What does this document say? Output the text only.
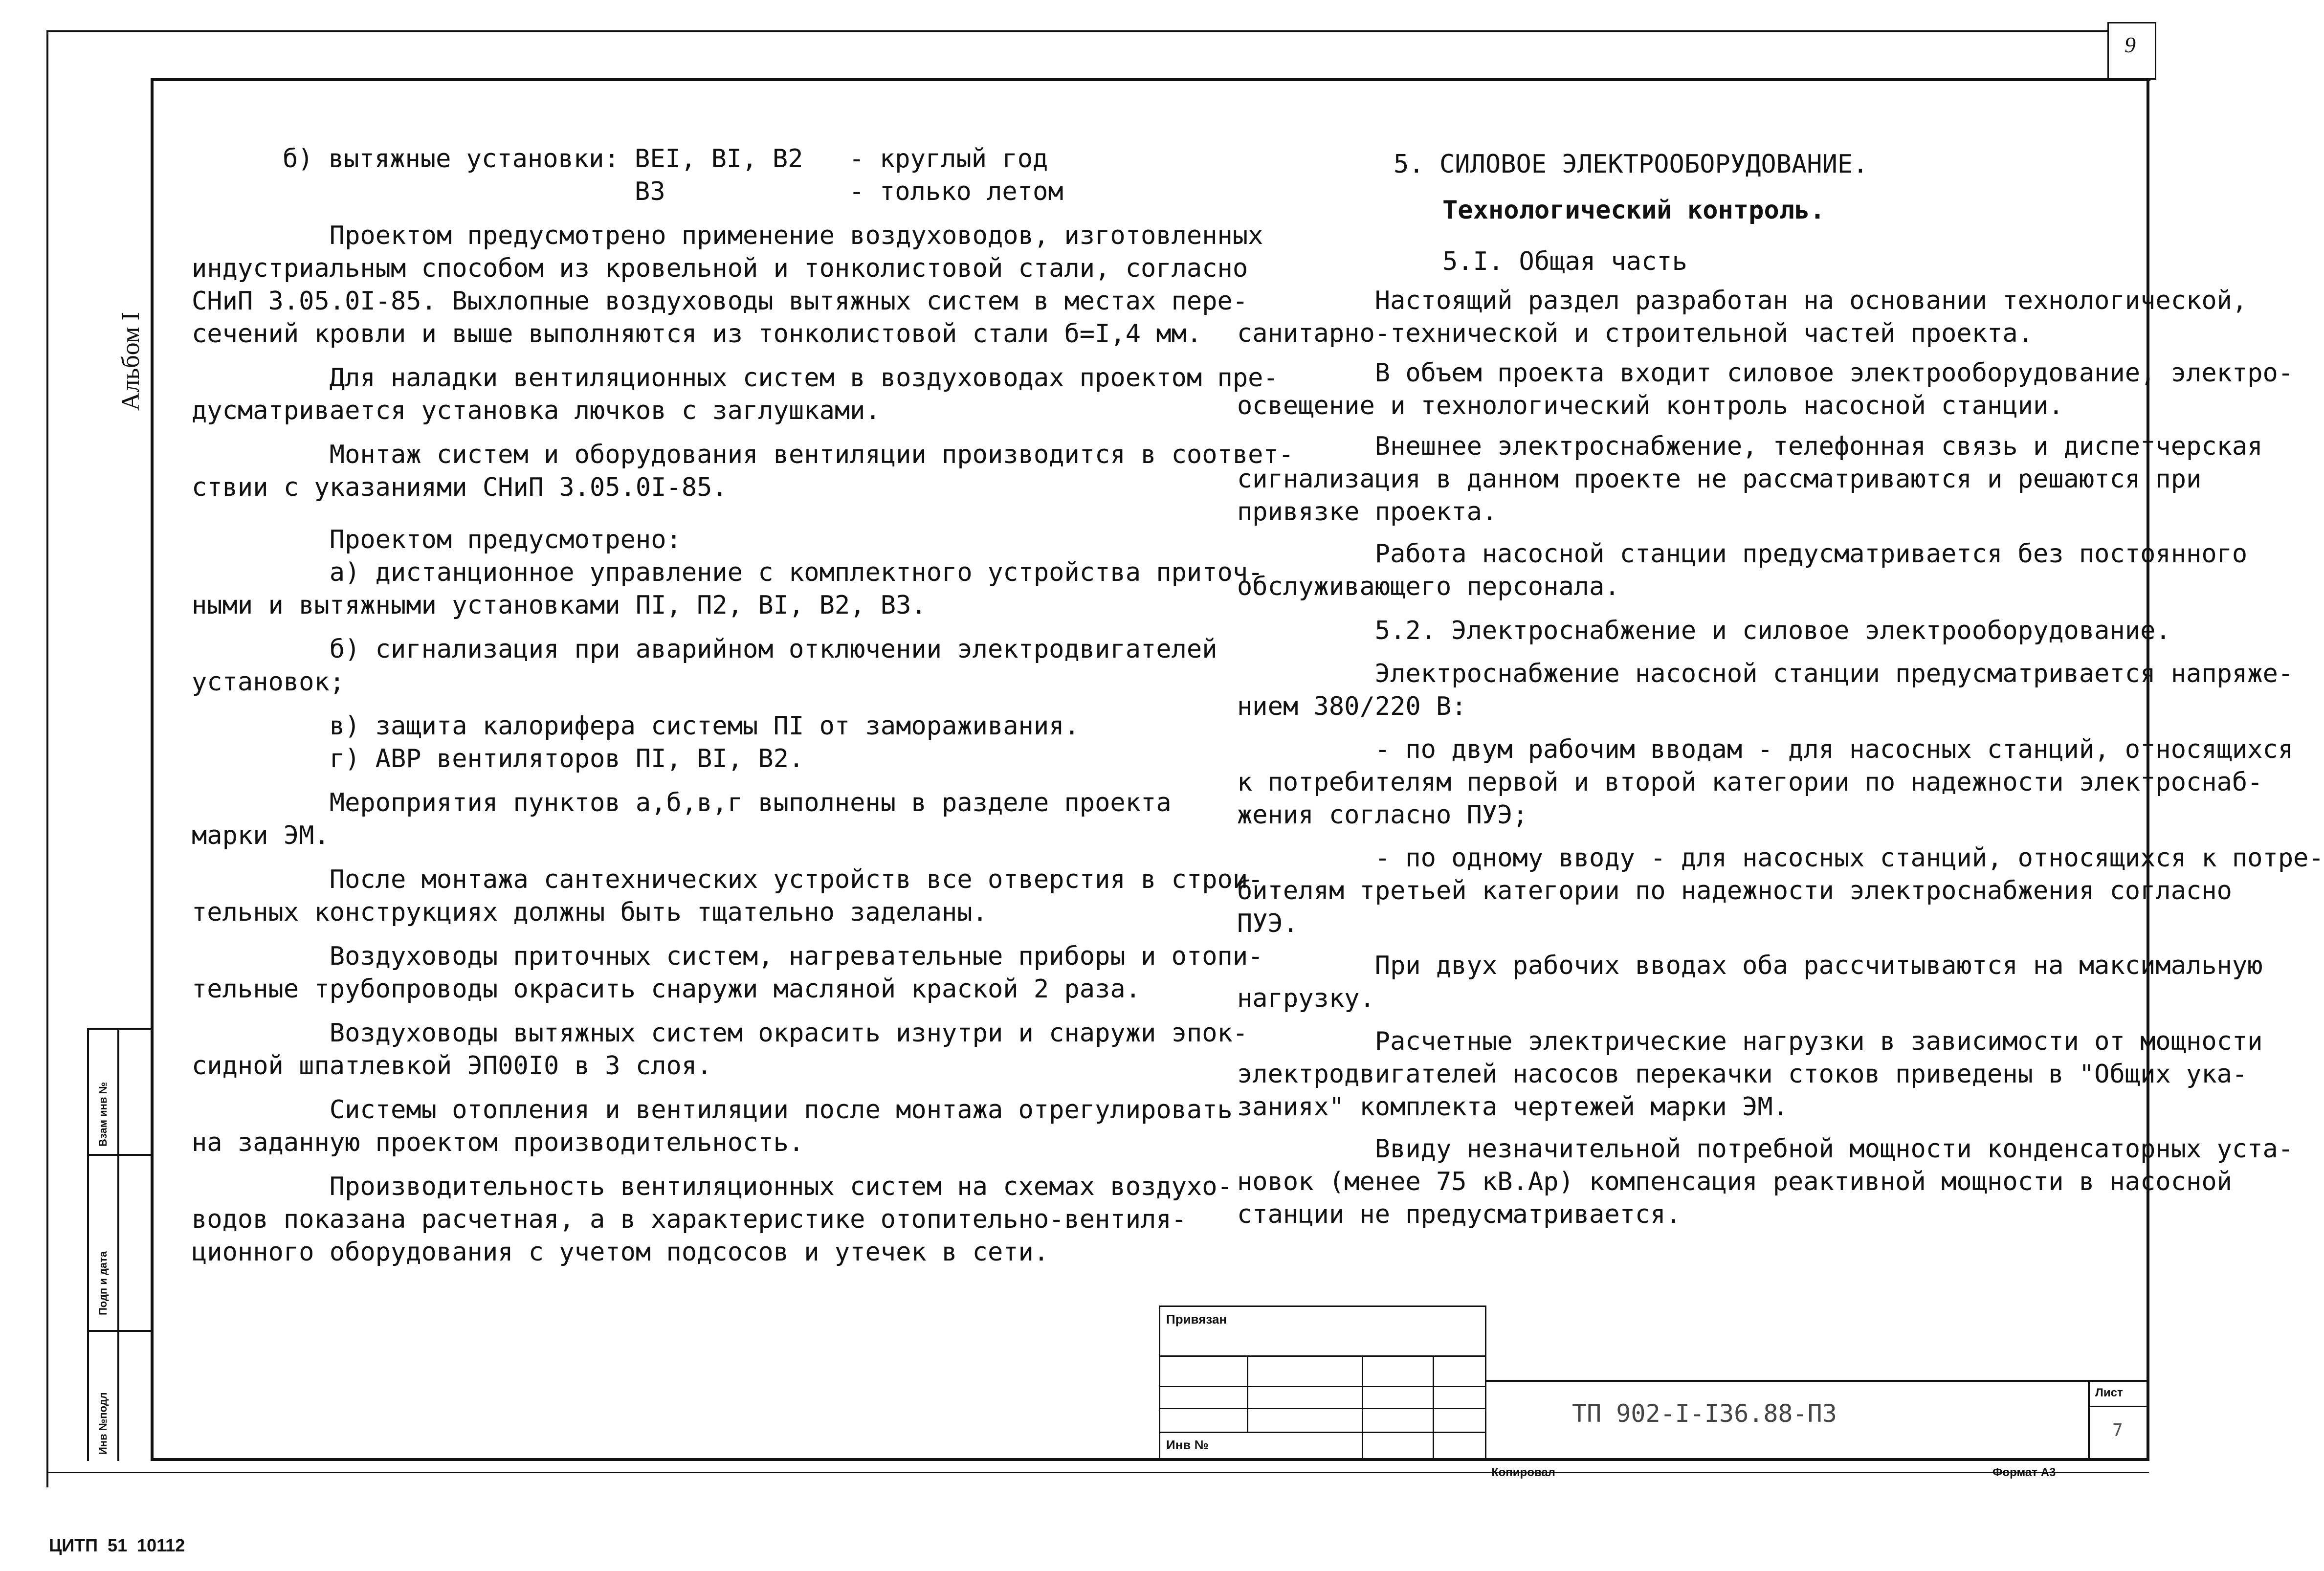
9
Альбом I
Взам инв №
Подп и дата
Инв №подл
б) вытяжные установки: BEI, BI, B2   - круглый год
B3            - только летом
Проектом предусмотрено применение воздуховодов, изготовленных
индустриальным способом из кровельной и тонколистовой стали, согласно
СНиП 3.05.0I-85. Выхлопные воздуховоды вытяжных систем в местах пере-
сечений кровли и выше выполняются из тонколистовой стали б=I,4 мм.
Для наладки вентиляционных систем в воздуховодах проектом пре-
дусматривается установка лючков с заглушками.
Монтаж систем и оборудования вентиляции производится в соответ-
ствии с указаниями СНиП 3.05.0I-85.
Проектом предусмотрено:
а) дистанционное управление с комплектного устройства приточ-
ными и вытяжными установками ПI, П2, BI, B2, B3.
б) сигнализация при аварийном отключении электродвигателей
установок;
в) защита калорифера системы ПI от замораживания.
г) АВР вентиляторов ПI, BI, B2.
Мероприятия пунктов а,б,в,г выполнены в разделе проекта
марки ЭМ.
После монтажа сантехнических устройств все отверстия в строи-
тельных конструкциях должны быть тщательно заделаны.
Воздуховоды приточных систем, нагревательные приборы и отопи-
тельные трубопроводы окрасить снаружи масляной краской 2 раза.
Воздуховоды вытяжных систем окрасить изнутри и снаружи эпок-
сидной шпатлевкой ЭП00I0 в 3 слоя.
Системы отопления и вентиляции после монтажа отрегулировать
на заданную проектом производительность.
Производительность вентиляционных систем на схемах воздухо-
водов показана расчетная, а в характеристике отопительно-вентиля-
ционного оборудования с учетом подсосов и утечек в сети.
5. СИЛОВОЕ ЭЛЕКТРООБОРУДОВАНИЕ.
Технологический контроль.
5.I. Общая часть
Настоящий раздел разработан на основании технологической,
санитарно-технической и строительной частей проекта.
В объем проекта входит силовое электрооборудование, электро-
освещение и технологический контроль насосной станции.
Внешнее электроснабжение, телефонная связь и диспетчерская
сигнализация в данном проекте не рассматриваются и решаются при
привязке проекта.
Работа насосной станции предусматривается без постоянного
обслуживающего персонала.
5.2. Электроснабжение и силовое электрооборудование.
Электроснабжение насосной станции предусматривается напряже-
нием 380/220 В:
- по двум рабочим вводам - для насосных станций, относящихся
к потребителям первой и второй категории по надежности электроснаб-
жения согласно ПУЭ;
- по одному вводу - для насосных станций, относящихся к потре-
бителям третьей категории по надежности электроснабжения согласно
ПУЭ.
При двух рабочих вводах оба рассчитываются на максимальную
нагрузку.
Расчетные электрические нагрузки в зависимости от мощности
электродвигателей насосов перекачки стоков приведены в "Общих ука-
заниях" комплекта чертежей марки ЭМ.
Ввиду незначительной потребной мощности конденсаторных уста-
новок (менее 75 кВ.Ар) компенсация реактивной мощности в насосной
станции не предусматривается.
Привязан
Инв №
ТП 902-I-I36.88-ПЗ
Лист
7
Копировал	Формат А3
ЦИТП  51  10112
